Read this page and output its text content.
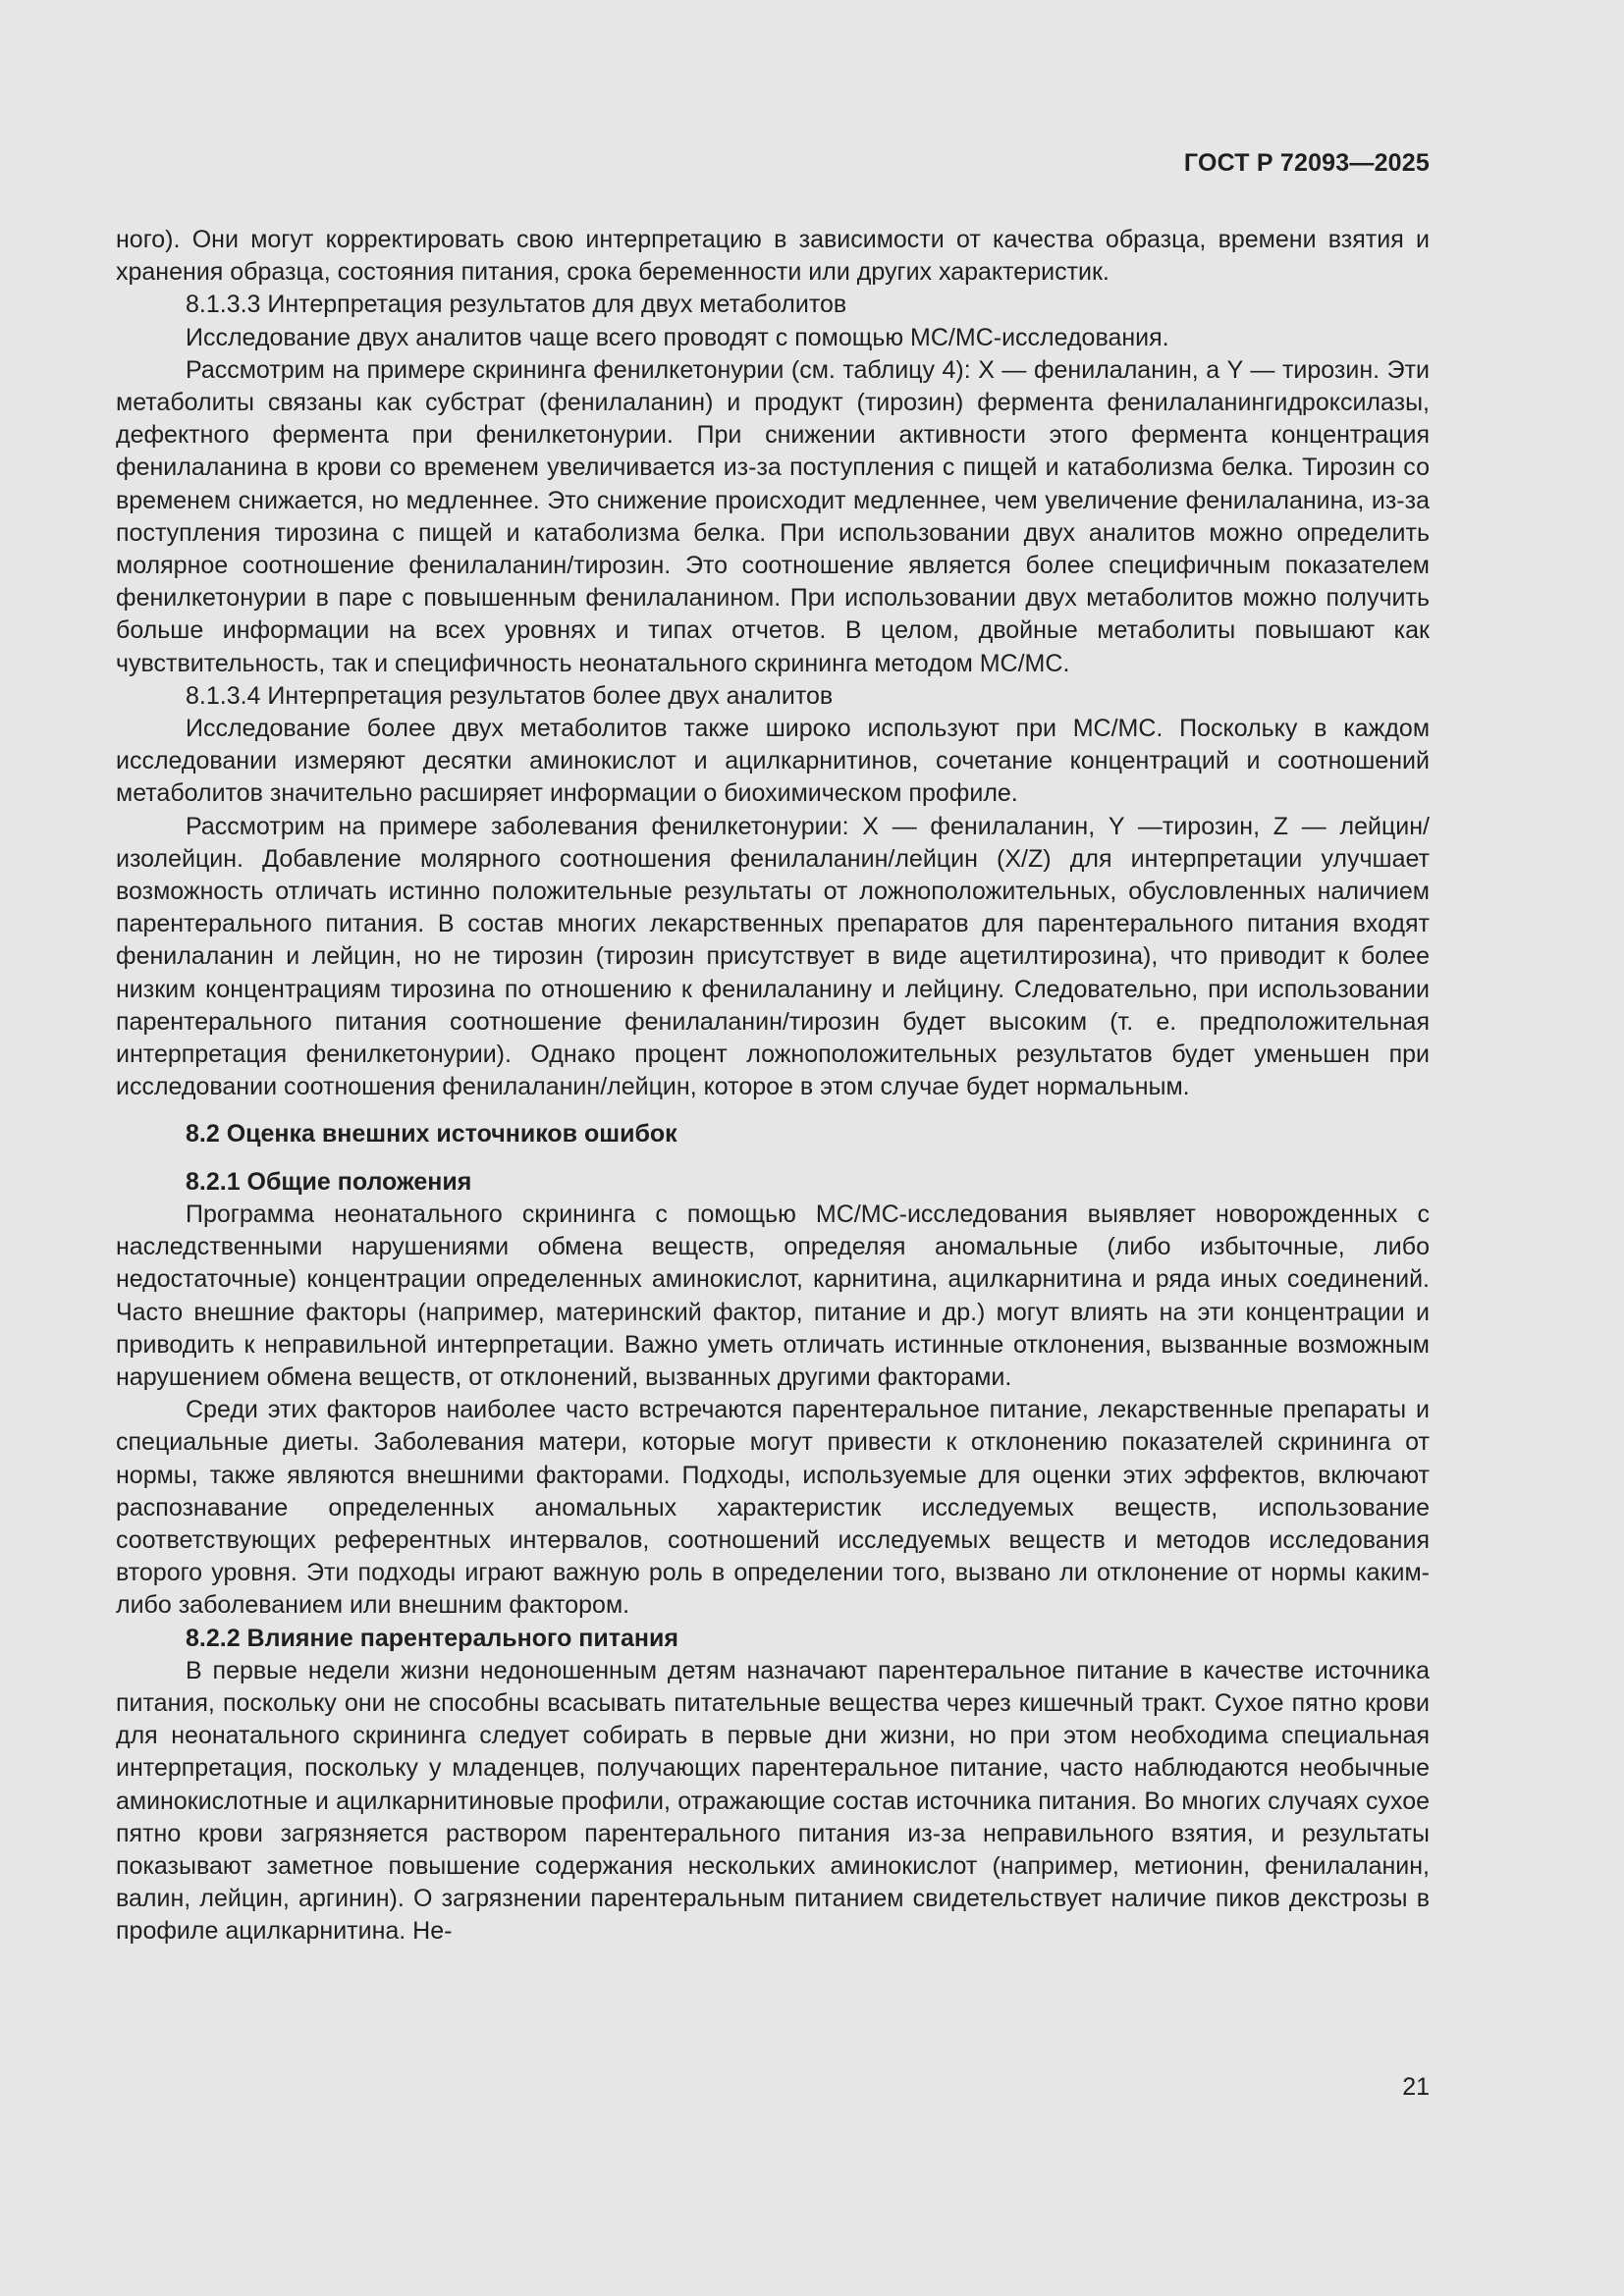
ГОСТ Р 72093—2025

ного). Они могут корректировать свою интерпретацию в зависимости от качества образца, времени взятия и хранения образца, состояния питания, срока беременности или других характеристик.

8.1.3.3 Интерпретация результатов для двух метаболитов

Исследование двух аналитов чаще всего проводят с помощью МС/МС-исследования.

Рассмотрим на примере скрининга фенилкетонурии (см. таблицу 4): X — фенилаланин, а Y — тирозин. Эти метаболиты связаны как субстрат (фенилаланин) и продукт (тирозин) фермента фенилаланингидроксилазы, дефектного фермента при фенилкетонурии. При снижении активности этого фермента концентрация фенилаланина в крови со временем увеличивается из-за поступления с пищей и катаболизма белка. Тирозин со временем снижается, но медленнее. Это снижение происходит медленнее, чем увеличение фенилаланина, из-за поступления тирозина с пищей и катаболизма белка. При использовании двух аналитов можно определить молярное соотношение фенилаланин/тирозин. Это соотношение является более специфичным показателем фенилкетонурии в паре с повышенным фенилаланином. При использовании двух метаболитов можно получить больше информации на всех уровнях и типах отчетов. В целом, двойные метаболиты повышают как чувствительность, так и специфичность неонатального скрининга методом МС/МС.

8.1.3.4 Интерпретация результатов более двух аналитов

Исследование более двух метаболитов также широко используют при МС/МС. Поскольку в каждом исследовании измеряют десятки аминокислот и ацилкарнитинов, сочетание концентраций и соотношений метаболитов значительно расширяет информации о биохимическом профиле.

Рассмотрим на примере заболевания фенилкетонурии: X — фенилаланин, Y —тирозин, Z — лейцин/изолейцин. Добавление молярного соотношения фенилаланин/лейцин (X/Z) для интерпретации улучшает возможность отличать истинно положительные результаты от ложноположительных, обусловленных наличием парентерального питания. В состав многих лекарственных препаратов для парентерального питания входят фенилаланин и лейцин, но не тирозин (тирозин присутствует в виде ацетилтирозина), что приводит к более низким концентрациям тирозина по отношению к фенилаланину и лейцину. Следовательно, при использовании парентерального питания соотношение фенилаланин/тирозин будет высоким (т. е. предположительная интерпретация фенилкетонурии). Однако процент ложноположительных результатов будет уменьшен при исследовании соотношения фенилаланин/лейцин, которое в этом случае будет нормальным.

8.2 Оценка внешних источников ошибок
8.2.1 Общие положения

Программа неонатального скрининга с помощью МС/МС-исследования выявляет новорожденных с наследственными нарушениями обмена веществ, определяя аномальные (либо избыточные, либо недостаточные) концентрации определенных аминокислот, карнитина, ацилкарнитина и ряда иных соединений. Часто внешние факторы (например, материнский фактор, питание и др.) могут влиять на эти концентрации и приводить к неправильной интерпретации. Важно уметь отличать истинные отклонения, вызванные возможным нарушением обмена веществ, от отклонений, вызванных другими факторами.

Среди этих факторов наиболее часто встречаются парентеральное питание, лекарственные препараты и специальные диеты. Заболевания матери, которые могут привести к отклонению показателей скрининга от нормы, также являются внешними факторами. Подходы, используемые для оценки этих эффектов, включают распознавание определенных аномальных характеристик исследуемых веществ, использование соответствующих референтных интервалов, соотношений исследуемых веществ и методов исследования второго уровня. Эти подходы играют важную роль в определении того, вызвано ли отклонение от нормы каким-либо заболеванием или внешним фактором.

8.2.2 Влияние парентерального питания

В первые недели жизни недоношенным детям назначают парентеральное питание в качестве источника питания, поскольку они не способны всасывать питательные вещества через кишечный тракт. Сухое пятно крови для неонатального скрининга следует собирать в первые дни жизни, но при этом необходима специальная интерпретация, поскольку у младенцев, получающих парентеральное питание, часто наблюдаются необычные аминокислотные и ацилкарнитиновые профили, отражающие состав источника питания. Во многих случаях сухое пятно крови загрязняется раствором парентерального питания из-за неправильного взятия, и результаты показывают заметное повышение содержания нескольких аминокислот (например, метионин, фенилаланин, валин, лейцин, аргинин). О загрязнении парентеральным питанием свидетельствует наличие пиков декстрозы в профиле ацилкарнитина. Не-

21
